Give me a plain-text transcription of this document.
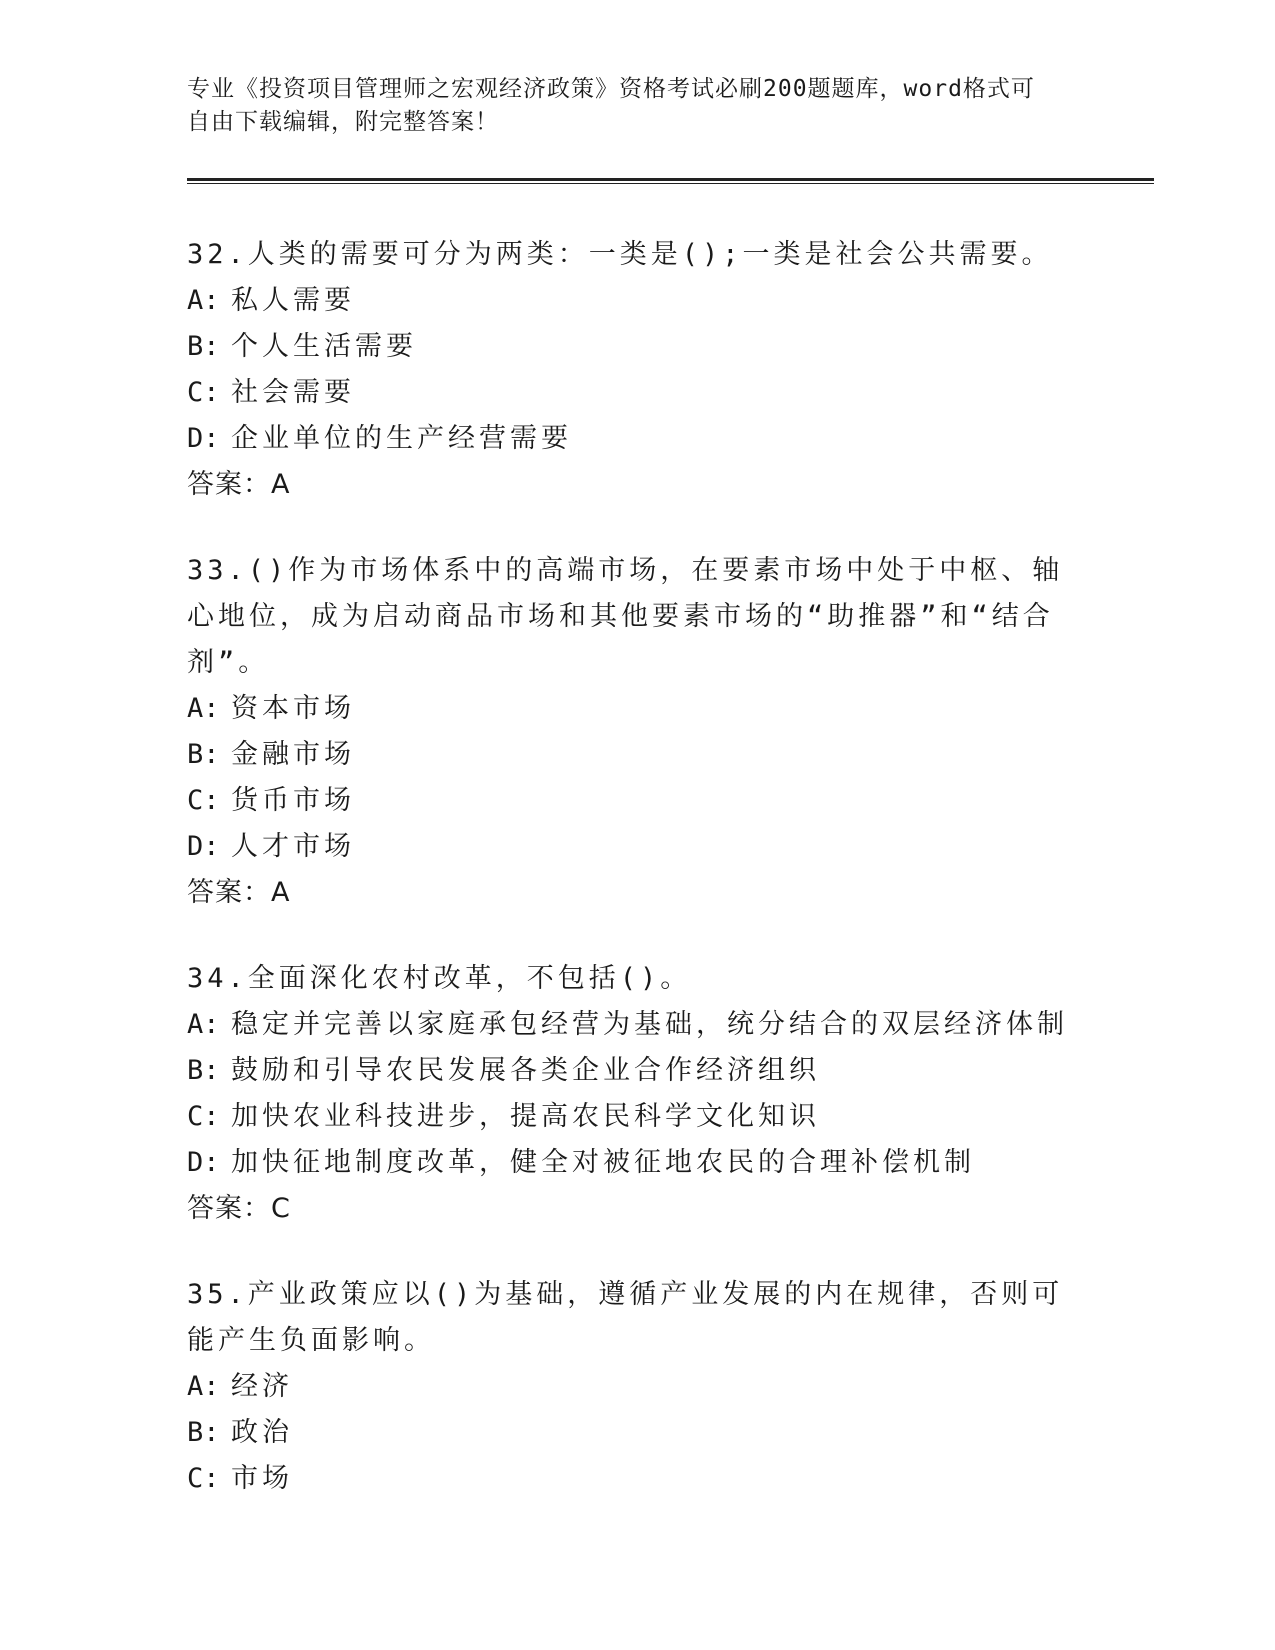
专业《投资项目管理师之宏观经济政策》资格考试必刷200题题库，word格式可
自由下载编辑，附完整答案！

32.人类的需要可分为两类：一类是();一类是社会公共需要。

A: 私人需要

B: 个人生活需要

C: 社会需要

D: 企业单位的生产经营需要

答案：A

33.()作为市场体系中的高端市场，在要素市场中处于中枢、轴心地位，成为启动商品市场和其他要素市场的“助推器”和“结合剂”。

A: 资本市场

B: 金融市场

C: 货币市场

D: 人才市场

答案：A

34.全面深化农村改革，不包括()。

A: 稳定并完善以家庭承包经营为基础，统分结合的双层经济体制

B: 鼓励和引导农民发展各类企业合作经济组织

C: 加快农业科技进步，提高农民科学文化知识

D: 加快征地制度改革，健全对被征地农民的合理补偿机制

答案：C

35.产业政策应以()为基础，遵循产业发展的内在规律，否则可能产生负面影响。

A: 经济

B: 政治

C: 市场
